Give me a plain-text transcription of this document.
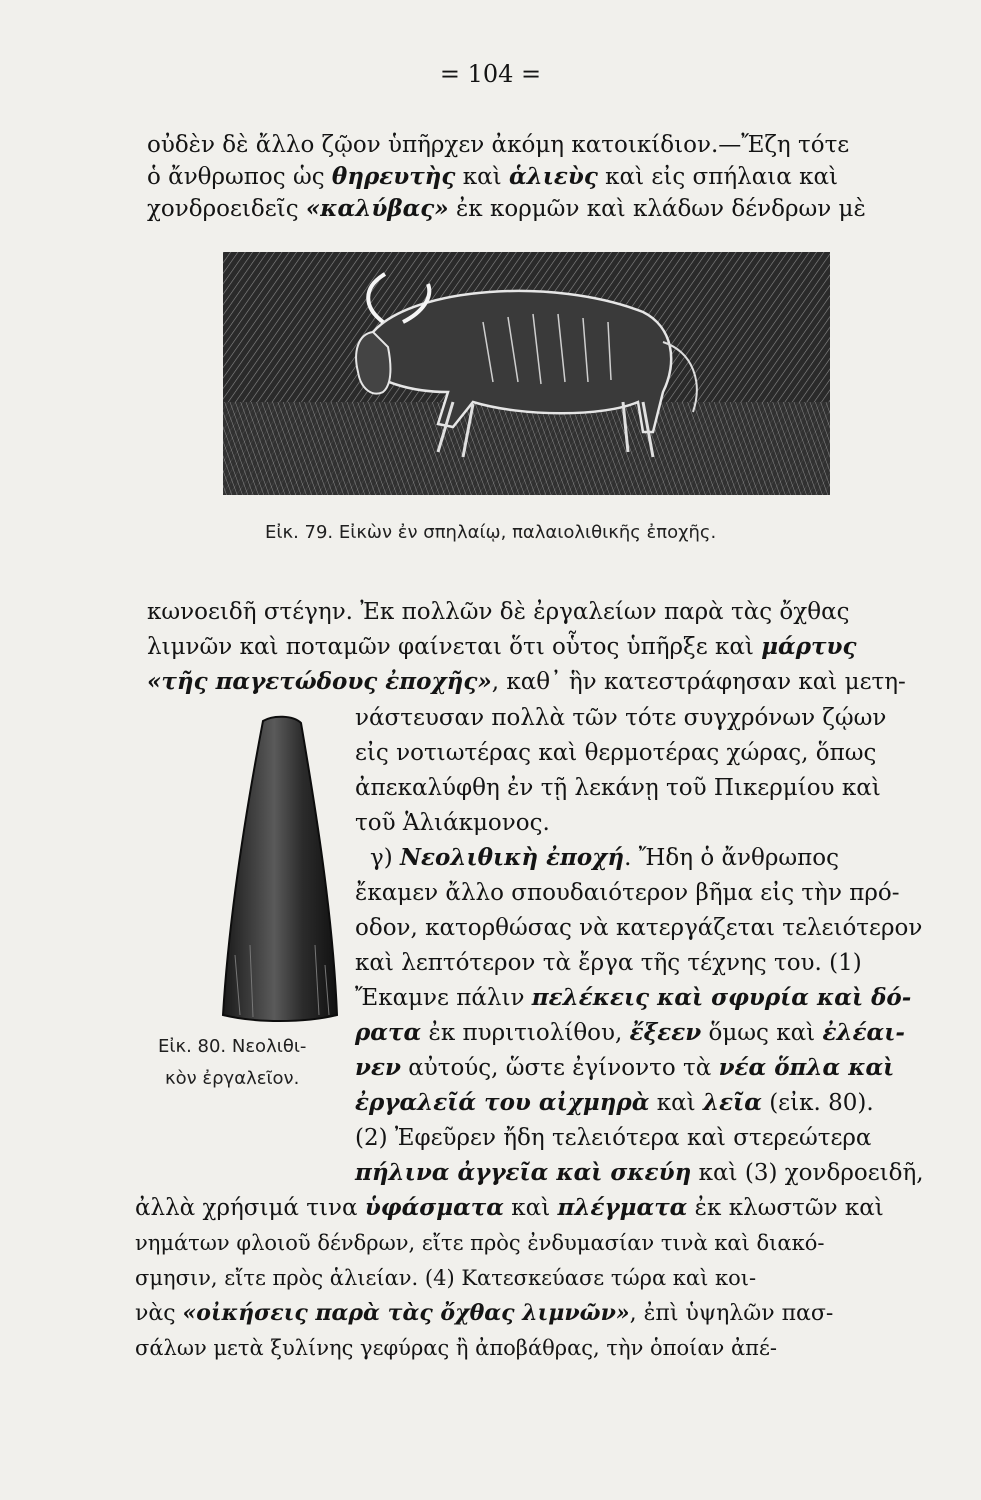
= 104 =
οὐδὲν δὲ ἄλλο ζῷον ὑπῆρχεν ἀκόμη κατοικίδιον.—Ἔζη τότε
ὁ ἄνθρωπος ὡς θηρευτὴς καὶ ἁλιεὺς καὶ εἰς σπήλαια καὶ
χονδροειδεῖς «καλύβας» ἐκ κορμῶν καὶ κλάδων δένδρων μὲ
Εἰκ. 79. Εἰκὼν ἐν σπηλαίῳ, παλαιολιθικῆς ἐποχῆς.
κωνοειδῆ στέγην. Ἐκ πολλῶν δὲ ἐργαλείων παρὰ τὰς ὄχθας
λιμνῶν καὶ ποταμῶν φαίνεται ὅτι οὗτος ὑπῆρξε καὶ μάρτυς
«τῆς παγετώδους ἐποχῆς», καθ᾽ ἣν κατεστράφησαν καὶ μετη-
Εἰκ. 80. Νεολιθι-
κὸν ἐργαλεῖον.
νάστευσαν πολλὰ τῶν τότε συγχρόνων ζῴων
εἰς νοτιωτέρας καὶ θερμοτέρας χώρας, ὅπως
ἀπεκαλύφθη ἐν τῇ λεκάνῃ τοῦ Πικερμίου καὶ
τοῦ Ἁλιάκμονος.
γ) Νεολιθικὴ ἐποχή. Ἤδη ὁ ἄνθρωπος
ἔκαμεν ἄλλο σπουδαιότερον βῆμα εἰς τὴν πρό-
οδον, κατορθώσας νὰ κατεργάζεται τελειότερον
καὶ λεπτότερον τὰ ἔργα τῆς τέχνης του. (1)
Ἔκαμνε πάλιν πελέκεις καὶ σφυρία καὶ δό-
ρατα ἐκ πυριτιολίθου, ἔξεεν ὅμως καὶ ἐλέαι-
νεν αὐτούς, ὥστε ἐγίνοντο τὰ νέα ὅπλα καὶ
ἐργαλεῖά του αἰχμηρὰ καὶ λεῖα (εἰκ. 80).
(2) Ἐφεῦρεν ἤδη τελειότερα καὶ στερεώτερα
πήλινα ἀγγεῖα καὶ σκεύη καὶ (3) χονδροειδῆ,
ἀλλὰ χρήσιμά τινα ὑφάσματα καὶ πλέγματα ἐκ κλωστῶν καὶ
νημάτων φλοιοῦ δένδρων, εἴτε πρὸς ἐνδυμασίαν τινὰ καὶ διακό-
σμησιν, εἴτε πρὸς ἁλιείαν. (4) Κατεσκεύασε τώρα καὶ κοι-
νὰς «οἰκήσεις παρὰ τὰς ὄχθας λιμνῶν», ἐπὶ ὑψηλῶν πασ-
σάλων μετὰ ξυλίνης γεφύρας ἢ ἀποβάθρας, τὴν ὁποίαν ἀπέ-
